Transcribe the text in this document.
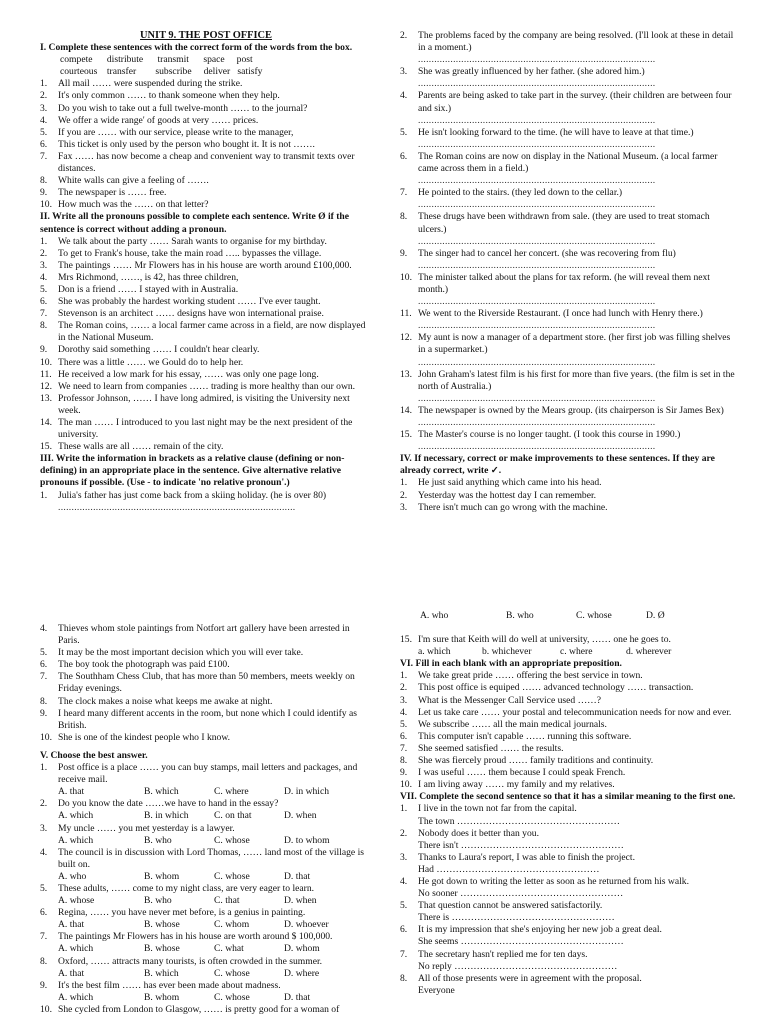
UNIT 9. THE POST OFFICE
I. Complete these sentences with the correct form of the words from the box.
compete      distribute      transmit      space     post
courteous    transfer        subscribe     deliver   satisfy
1. All mail …… were suspended during the strike.
2. It's only common …… to thank someone when they help.
3. Do you wish to take out a full twelve-month …… to the journal?
4. We offer a wide range' of goods at very …… prices.
5. If you are …… with our service, please write to the manager,
6. This ticket is only used by the person who bought it. It is not …….
7. Fax …… has now become a cheap and convenient way to transmit texts over distances.
8. White walls can give a feeling of …….
9. The newspaper is …… free.
10. How much was the …… on that letter?
II. Write all the pronouns possible to complete each sentence. Write Ø if the sentence is correct without adding a pronoun.
1. We talk about the party …… Sarah wants to organise for my birthday.
2. To get to Frank's house, take the main road ….. bypasses the village.
3. The paintings …… Mr Flowers has in his house are worth around £100,000.
4. Mrs Richmond, ……, is 42, has three children,
5. Don is a friend …… I stayed with in Australia.
6. She was probably the hardest working student …… I've ever taught.
7. Stevenson is an architect …… designs have won international praise.
8. The Roman coins, …… a local farmer came across in a field, are now displayed in the National Museum.
9. Dorothy said something …… I couldn't hear clearly.
10. There was a little …… we Gould do to help her.
11. He received a low mark for his essay, …… was only one page long.
12. We need to learn from companies …… trading is more healthy than our own.
13. Professor Johnson, …… I have long admired, is visiting the University next week.
14. The man …… I introduced to you last night may be the next president of the university.
15. These walls are all …… remain of the city.
III. Write the information in brackets as a relative clause (defining or non-defining) in an appropriate place in the sentence. Give alternative relative pronouns if possible. (Use - to indicate 'no relative pronoun'.)
1. Julia's father has just come back from a skiing holiday. (he is over 80)
........................................................................................
2. The problems faced by the company are being resolved. (I'll look at these in detail in a moment.)
........................................................................................
3. She was greatly influenced by her father. (she adored him.)
........................................................................................
4. Parents are being asked to take part in the survey. (their children are between four and six.)
........................................................................................
5. He isn't looking forward to the time. (he will have to leave at that time.)
........................................................................................
6. The Roman coins are now on display in the National Museum. (a local farmer came across them in a field.)
........................................................................................
7. He pointed to the stairs. (they led down to the cellar.)
........................................................................................
8. These drugs have been withdrawn from sale. (they are used to treat stomach ulcers.)
........................................................................................
9. The singer had to cancel her concert. (she was recovering from flu)
........................................................................................
10. The minister talked about the plans for tax reform. (he will reveal them next month.)
........................................................................................
11. We went to the Riverside Restaurant. (I once had lunch with Henry there.)
........................................................................................
12. My aunt is now a manager of a department store. (her first job was filling shelves in a supermarket.)
........................................................................................
13. John Graham's latest film is his first for more than five years. (the film is set in the north of Australia.)
........................................................................................
14. The newspaper is owned by the Mears group. (its chairperson is Sir James Bex)
........................................................................................
15. The Master's course is no longer taught. (I took this course in 1990.)
........................................................................................
IV. If necessary, correct or make improvements to these sentences. If they are already correct, write ✓.
1. He just said anything which came into his head.
2. Yesterday was the hottest day I can remember.
3. There isn't much can go wrong with the machine.
4. Thieves whom stole paintings from Notfort art gallery have been arrested in Paris.
5. It may be the most important decision which you will ever take.
6. The boy took the photograph was paid £100.
7. The Southham Chess Club, that has more than 50 members, meets weekly on Friday evenings.
8. The clock makes a noise what keeps me awake at night.
9. I heard many different accents in the room, but none which I could identify as British.
10. She is one of the kindest people who I know.
V. Choose the best answer.
1. Post office is a place …… you can buy stamps, mail letters and packages, and receive mail.
A. that	B. which	C. where	D. in which
2. Do you know the date ……we have to hand in the essay?
A. which	B. in which	C. on that	D. when
3. My uncle …… you met yesterday is a lawyer.
A. which	B. who	C. whose	D. to whom
4. The council is in discussion with Lord Thomas, …… land most of the village is built on.
A. who	B. whom	C. whose	D. that
5. These adults, …… come to my night class, are very eager to learn.
A. whose	B. who	C. that	D. when
6. Regina, …… you have never met before, is a genius in painting.
A. that	B. whose	C. whom	D. whoever
7. The paintings Mr Flowers has in his house are worth around $ 100,000.
A. which	B. whose	C. what	D. whom
8. Oxford, …… attracts many tourists, is often crowded in the summer.
A. that	B. which	C. whose	D. where
9. It's the best film …… has ever been made about madness.
A. which	B. whom	C. whose	D. that
10. She cycled from London to Glasgow, …… is pretty good for a woman of
A. who	B. who	C. whose	D. Ø
15. I'm sure that Keith will do well at university, …… one he goes to.
a. which	b. whichever	c. where	d. wherever
VI. Fill in each blank with an appropriate preposition.
1. We take great pride …… offering the best service in town.
2. This post office is equiped …… advanced technology …… transaction.
3. What is the Messenger Call Service used ……?
4. Let us take care …… your postal and telecommunication needs for now and ever.
5. We subscribe …… all the main medical journals.
6. This computer isn't capable …… running this software.
7. She seemed satisfied …… the results.
8. She was fiercely proud …… family traditions and continuity.
9. I was useful …… them because I could speak French.
10. I am living away …… my family and my relatives.
VII. Complete the second sentence so that it has a similar meaning to the first one.
1. I live in the town not far from the capital.
The town ……………………………………………
2. Nobody does it better than you.
There isn't ……………………………………………
3. Thanks to Laura's report, I was able to finish the project.
Had ……………………………………………
4. He got down to writing the letter as soon as he returned from his walk.
No sooner ……………………………………………
5. That question cannot be answered satisfactorily.
There is ……………………………………………
6. It is my impression that she's enjoying her new job a great deal.
She seems ……………………………………………
7. The secretary hasn't replied me for ten days.
No reply ……………………………………………
8. All of those presents were in agreement with the proposal.
Everyone
